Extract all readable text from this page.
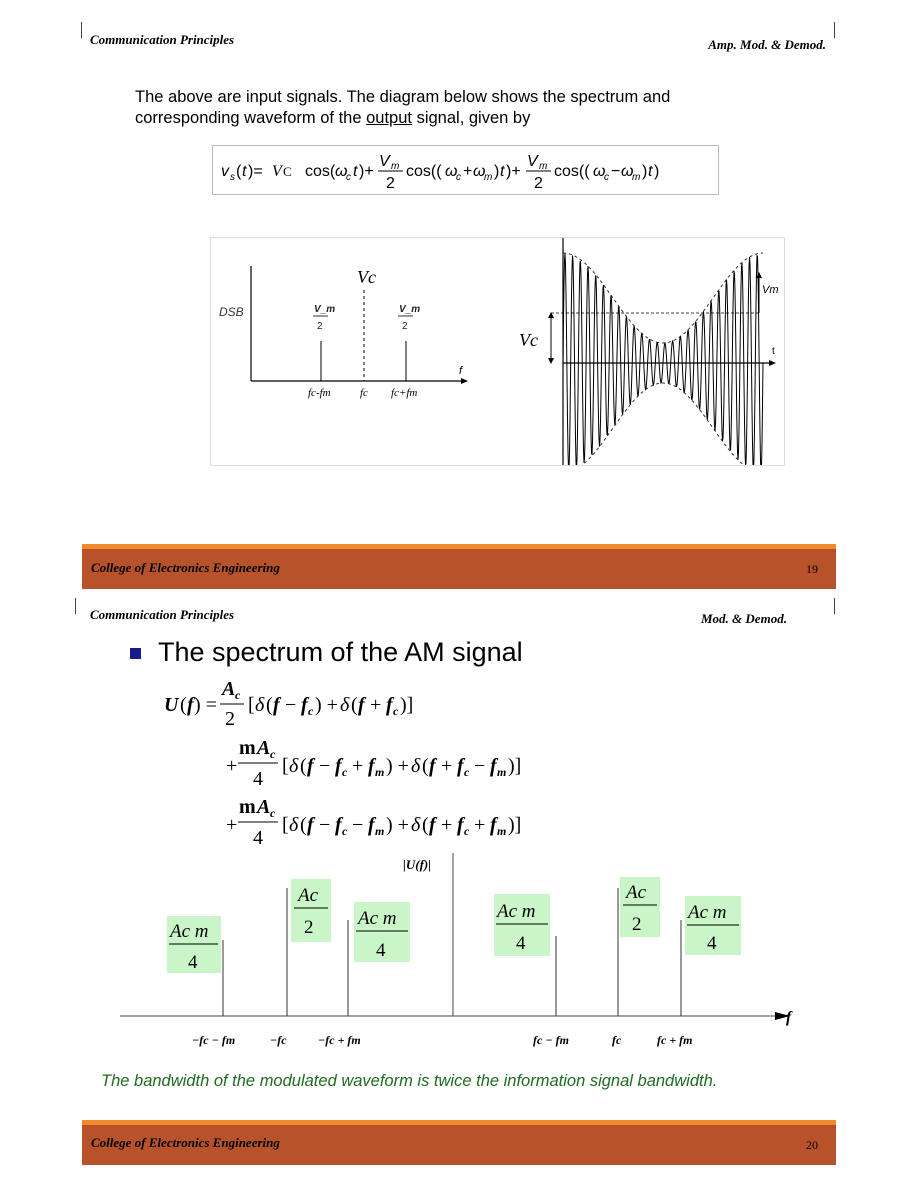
Communication Principles	Amp. Mod. & Demod.
The above are input signals. The diagram below shows the spectrum and
corresponding waveform of the output signal, given by
v s ( t )= V C cos( ω
c t )+
V m
2
cos(( ω
c + ω
m ) t )+
V m
2
cos(( ω
c − ω
m ) t )
DSB
Vc
V_m
2
V_m
2
f
fc-fm	fc fc+fm
t
Vc
Vm
College of Electronics Engineering	19
Communication Principles	Mod. & Demod.
The spectrum of the AM signal
U ( f ) =
A c
2
[ δ ( f − f c ) + δ ( f + f c )]
+
m A c
4
[ δ ( f − f c + f m ) + δ ( f + f c − f m )]
+
m A c
4
[ δ ( f − f c − f m ) + δ ( f + f c + f m )]
f
|U(f)|
Ac m
4
Ac
2 Ac m
4
Ac m
4
Ac
2
Ac m
4
−fc − fm	−fc	−fc + fm	fc − fm	fc	fc + fm
The bandwidth of the modulated waveform is twice the information signal bandwidth.
College of Electronics Engineering	20
